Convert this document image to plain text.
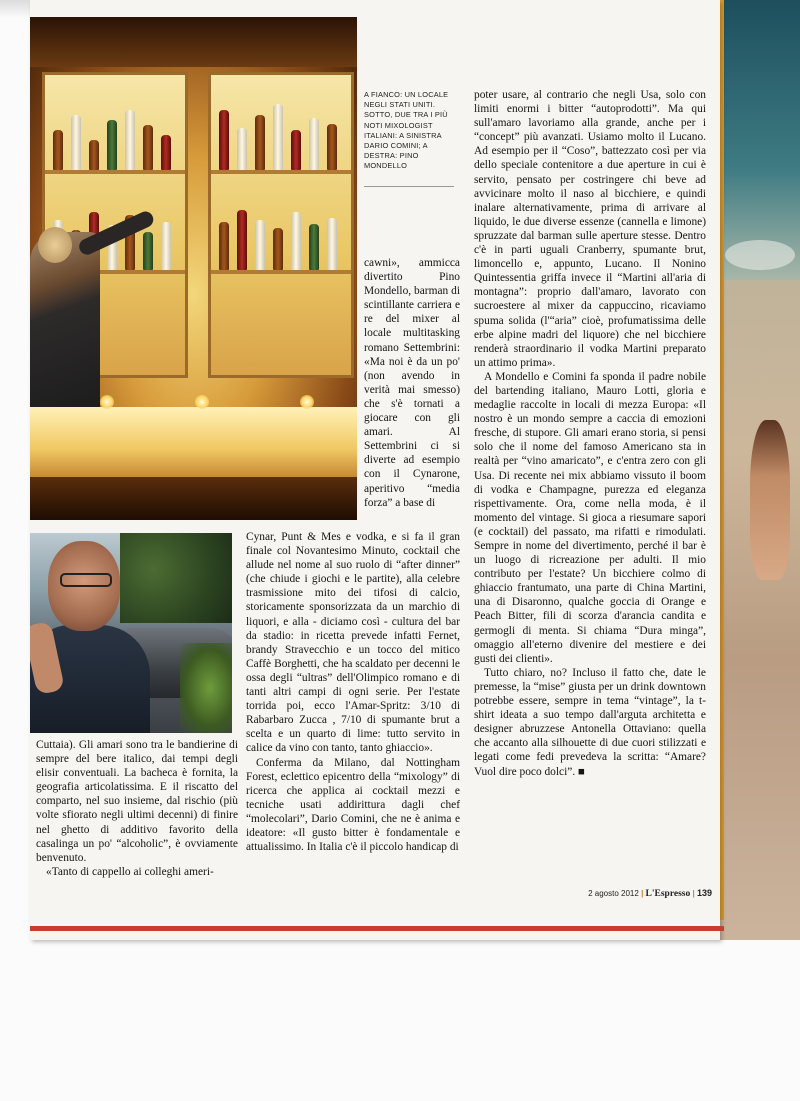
A FIANCO: UN LOCALE NEGLI STATI UNITI. SOTTO, DUE TRA I PIÙ NOTI MIXOLOGIST ITALIANI: A SINISTRA DARIO COMINI; A DESTRA: PINO MONDELLO

cawni», ammicca divertito Pino Mondello, barman di scintillante carriera e re del mixer al locale multitasking romano Settembrini: «Ma noi è da un po' (non avendo in verità mai smesso) che s'è tornati a giocare con gli amari. Al Settembrini ci si diverte ad esempio con il Cynarone, aperitivo “media forza” a base di

Cynar, Punt & Mes e vodka, e si fa il gran finale col Novantesimo Minuto, cocktail che allude nel nome al suo ruolo di “after dinner” (che chiude i giochi e le partite), alla celebre trasmissione mito dei tifosi di calcio, storicamente sponsorizzata da un marchio di liquori, e alla - diciamo così - cultura del bar da stadio: in ricetta prevede infatti Fernet, brandy Stravecchio e un tocco del mitico Caffè Borghetti, che ha scaldato per decenni le ossa degli “ultras” dell'Olimpico romano e di tanti altri campi di ogni serie. Per l'estate torrida poi, ecco l'Amar-Spritz: 3/10 di Rabarbaro Zucca , 7/10 di spumante brut a scelta e un quarto di lime: tutto servito in calice da vino con tanto, tanto ghiaccio».

Conferma da Milano, dal Nottingham Forest, eclettico epicentro della “mixology” di ricerca che applica ai cocktail mezzi e tecniche usati addirittura dagli chef “molecolari”, Dario Comini, che ne è anima e ideatore: «Il gusto bitter è fondamentale e attualissimo. In Italia c'è il piccolo handicap di

Cuttaia). Gli amari sono tra le bandierine di sempre del bere italico, dai tempi degli elisir conventuali. La bacheca è fornita, la geografia articolatissima. E il riscatto del comparto, nel suo insieme, dal rischio (più volte sfiorato negli ultimi decenni) di finire nel ghetto di additivo favorito della casalinga un po' “alcoholic”, è ovviamente benvenuto.

«Tanto di cappello ai colleghi ameri-

poter usare, al contrario che negli Usa, solo con limiti enormi i bitter “autoprodotti”. Ma qui sull'amaro lavoriamo alla grande, anche per i “concept” più avanzati. Usiamo molto il Lucano. Ad esempio per il “Coso”, battezzato così per via dello speciale contenitore a due aperture in cui è servito, pensato per costringere chi beve ad avvicinare molto il naso al bicchiere, e quindi inalare alternativamente, prima di arrivare al liquido, le due diverse essenze (cannella e limone) spruzzate dal barman sulle aperture stesse. Dentro c'è in parti uguali Cranberry, spumante brut, limoncello e, appunto, Lucano. Il Nonino Quintessentia griffa invece il “Martini all'aria di montagna”: proprio dall'amaro, lavorato con sucroestere al mixer da cappuccino, ricaviamo spuma solida (l'“aria” cioè, profumatissima delle erbe alpine madri del liquore) che nel bicchiere renderà straordinario il vodka Martini preparato un attimo prima».

A Mondello e Comini fa sponda il padre nobile del bartending italiano, Mauro Lotti, gloria e medaglie raccolte in locali di mezza Europa: «Il nostro è un mondo sempre a caccia di emozioni fresche, di stupore. Gli amari erano storia, si pensi solo che il nome del famoso Americano sta in realtà per “vino amaricato”, e c'entra zero con gli Usa. Di recente nei mix abbiamo vissuto il boom di vodka e Champagne, purezza ed eleganza rispettivamente. Ora, come nella moda, è il momento del vintage. Si gioca a riesumare sapori (e cocktail) del passato, ma rifatti e rimodulati. Sempre in nome del divertimento, perché il bar è un luogo di ricreazione per adulti. Il mio contributo per l'estate? Un bicchiere colmo di ghiaccio frantumato, una parte di China Martini, una di Disaronno, qualche goccia di Orange e Peach Bitter, fili di scorza d'arancia candita e germogli di menta. Si chiama “Dura minga”, omaggio all'eterno divenire del mestiere e dei gusti dei clienti».

Tutto chiaro, no? Incluso il fatto che, date le premesse, la “mise” giusta per un drink downtown potrebbe essere, sempre in tema “vintage”, la t-shirt ideata a suo tempo dall'arguta architetta e designer abruzzese Antonella Ottaviano: quella che accanto alla silhouette di due cuori stilizzati e legati come fedi prevedeva la scritta: “Amare? Vuol dire poco dolci”. ■

2 agosto 2012 | L'Espresso | 139
